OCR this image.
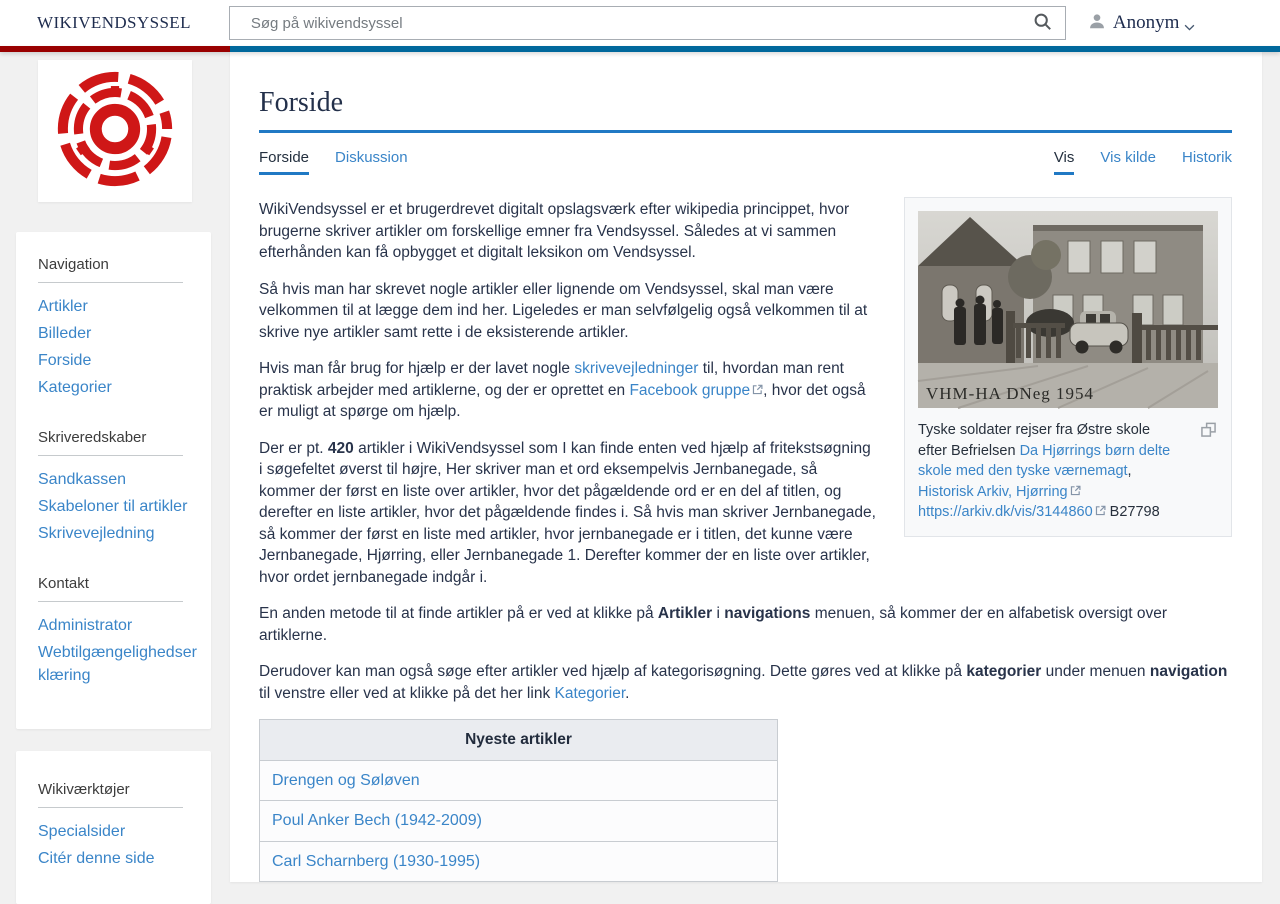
WIKIVENDSYSSEL
Søg på wikivendsyssel	Anonym
Navigation
Artikler
Billeder
Forside
Kategorier
Skriveredskaber
Sandkassen
Skabeloner til artikler
Skrivevejledning
Kontakt
Administrator
Webtilgængelighedserklæring
Wikiværktøjer
Specialsider
Citér denne side
Forside
Forside Diskussion	Vis Vis kilde Historik
VHM-HA DNeg 1954
Tyske soldater rejser fra Østre skole efter Befrielsen Da Hjørrings børn delte skole med den tyske værnemagt, Historisk Arkiv, Hjørring https://arkiv.dk/vis/3144860 B27798

WikiVendsyssel er et brugerdrevet digitalt opslagsværk efter wikipedia princippet, hvor brugerne skriver artikler om forskellige emner fra Vendsyssel. Således at vi sammen efterhånden kan få opbygget et digitalt leksikon om Vendsyssel.

Så hvis man har skrevet nogle artikler eller lignende om Vendsyssel, skal man være velkommen til at lægge dem ind her. Ligeledes er man selvfølgelig også velkommen til at skrive nye artikler samt rette i de eksisterende artikler.

Hvis man får brug for hjælp er der lavet nogle skrivevejledninger til, hvordan man rent praktisk arbejder med artiklerne, og der er oprettet en Facebook gruppe , hvor det også er muligt at spørge om hjælp.

Der er pt. 420 artikler i WikiVendsyssel som I kan finde enten ved hjælp af fritekstsøgning i søgefeltet øverst til højre, Her skriver man et ord eksempelvis Jernbanegade, så kommer der først en liste over artikler, hvor det pågældende ord er en del af titlen, og derefter en liste artikler, hvor det pågældende findes i. Så hvis man skriver Jernbanegade, så kommer der først en liste med artikler, hvor jernbanegade er i titlen, det kunne være Jernbanegade, Hjørring, eller Jernbanegade 1. Derefter kommer der en liste over artikler, hvor ordet jernbanegade indgår i.

En anden metode til at finde artikler på er ved at klikke på Artikler i navigations menuen, så kommer der en alfabetisk oversigt over artiklerne.

Derudover kan man også søge efter artikler ved hjælp af kategorisøgning. Dette gøres ved at klikke på kategorier under menuen navigation til venstre eller ved at klikke på det her link Kategorier.

Nyeste artikler
Drengen og Søløven
Poul Anker Bech (1942-2009)
Carl Scharnberg (1930-1995)
